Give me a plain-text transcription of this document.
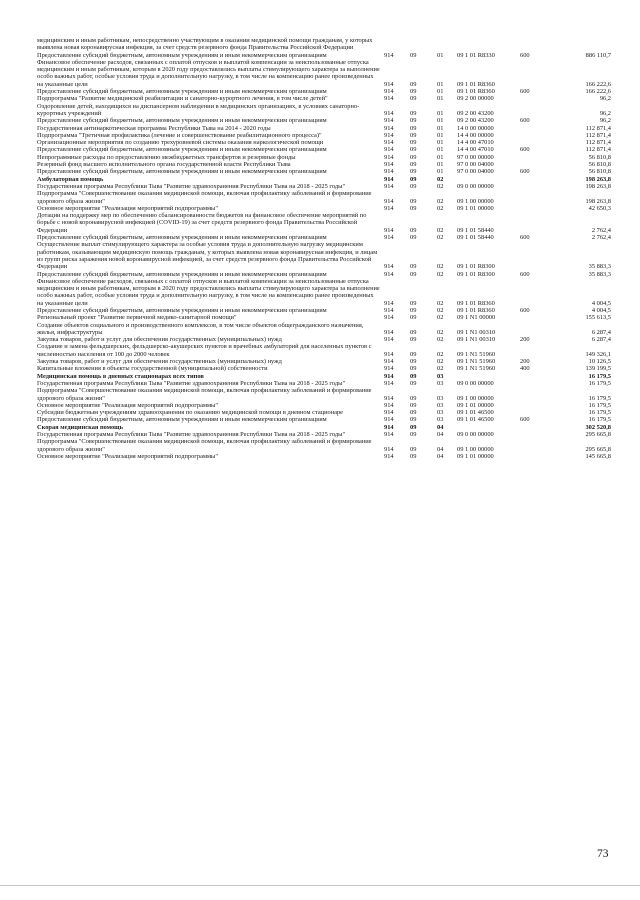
медицинским и иным работникам, непосредственно участвующим в оказании медицинской помощи гражданам, у которых выявлена новая коронавирусная инфекция, за счет средств резервного фонда Правительства Российской Федерации						
Предоставление субсидий бюджетным, автономным учреждениям и иным некоммерческим организациям	914	09	01	09 1 01 R8330	600	886 110,7
Финансовое обеспечение расходов, связанных с оплатой отпусков и выплатой компенсации за неиспользованные отпуска медицинским и иным работникам, которым в 2020 году предоставлялись выплаты стимулирующего характера за выполнение особо важных работ, особые условия труда и дополнительную нагрузку, в том числе на компенсацию ранее произведенных на указанные цели	914	09	01	09 1 01 R8360		166 222,6
Предоставление субсидий бюджетным, автономным учреждениям и иным некоммерческим организациям	914	09	01	09 1 01 R8360	600	166 222,6
Подпрограмма "Развитие медицинской реабилитации и санаторно-курортного лечения, в том числе детей"	914	09	01	09 2 00 00000		96,2
Оздоровление детей, находящихся на диспансерном наблюдении в медицинских организациях, в условиях санаторно-курортных учреждений	914	09	01	09 2 00 43200		96,2
Предоставление субсидий бюджетным, автономным учреждениям и иным некоммерческим организациям	914	09	01	09 2 00 43200	600	96,2
Государственная антинаркотическая программа Республики Тыва на 2014 - 2020 годы	914	09	01	14 0 00 00000		112 871,4
Подпрограмма "Третичная профилактика (лечение и совершенствование реабилитационного процесса)"	914	09	01	14 4 00 00000		112 871,4
Организационные мероприятия по созданию трехуровневой системы оказания наркологической помощи	914	09	01	14 4 00 47010		112 871,4
Предоставление субсидий бюджетным, автономным учреждениям и иным некоммерческим организациям	914	09	01	14 4 00 47010	600	112 871,4
Непрограммные расходы по предоставлению межбюджетных трансфертов и резервные фонды	914	09	01	97 0 00 00000		56 810,8
Резервный фонд высшего исполнительного органа государственной власти Республики Тыва	914	09	01	97 0 00 04000		56 810,8
Предоставление субсидий бюджетным, автономным учреждениям и иным некоммерческим организациям	914	09	01	97 0 00 04000	600	56 810,8
Амбулаторная помощь	914	09	02			198 263,8
Государственная программа Республики Тыва "Развитие здравоохранения Республики Тыва на 2018 - 2025 годы"	914	09	02	09 0 00 00000		198 263,8
Подпрограмма "Совершенствование оказания медицинской помощи, включая профилактику заболеваний и формирование здорового образа жизни"	914	09	02	09 1 00 00000		198 263,8
Основное мероприятие "Реализация мероприятий подпрограммы"	914	09	02	09 1 01 00000		42 650,3
Дотации на поддержку мер по обеспечению сбалансированности бюджетов на финансовое обеспечение мероприятий по борьбе с новой коронавирусной инфекцией (COVID-19) за счет средств резервного фонда Правительства Российской Федерации	914	09	02	09 1 01 58440		2 762,4
Предоставление субсидий бюджетным, автономным учреждениям и иным некоммерческим организациям	914	09	02	09 1 01 58440	600	2 762,4
Осуществление выплат стимулирующего характера за особые условия труда и дополнительную нагрузку медицинским работникам, оказывающим медицинскую помощь гражданам, у которых выявлена новая коронавирусная инфекция, и лицам из групп риска заражения новой коронавирусной инфекцией, за счет средств резервного фонда Правительства Российской Федерации	914	09	02	09 1 01 R8300		35 883,3
Предоставление субсидий бюджетным, автономным учреждениям и иным некоммерческим организациям	914	09	02	09 1 01 R8300	600	35 883,3
Финансовое обеспечение расходов, связанных с оплатой отпусков и выплатой компенсации за неиспользованные отпуска медицинским и иным работникам, которым в 2020 году предоставлялись выплаты стимулирующего характера за выполнение особо важных работ, особые условия труда и дополнительную нагрузку, в том числе на компенсацию ранее произведенных на указанные цели	914	09	02	09 1 01 R8360		4 004,5
Предоставление субсидий бюджетным, автономным учреждениям и иным некоммерческим организациям	914	09	02	09 1 01 R8360	600	4 004,5
Региональный проект "Развитие первичной медико-санитарной помощи"	914	09	02	09 1 N1 00000		155 613,5
Создание объектов социального и производственного комплексов, в том числе объектов общегражданского назначения, жилья, инфраструктуры	914	09	02	09 1 N1 00310		6 287,4
Закупка товаров, работ и услуг для обеспечения государственных (муниципальных) нужд	914	09	02	09 1 N1 00310	200	6 287,4
Создание и замена фельдшерских, фельдшерско-акушерских пунктов и врачебных амбулаторий для населенных пунктов с численностью населения от 100 до 2000 человек	914	09	02	09 1 N1 51960		149 326,1
Закупка товаров, работ и услуг для обеспечения государственных (муниципальных) нужд	914	09	02	09 1 N1 51960	200	10 126,5
Капитальные вложения в объекты государственной (муниципальной) собственности	914	09	02	09 1 N1 51960	400	139 199,5
Медицинская помощь в дневных стационарах всех типов	914	09	03			16 179,5
Государственная программа Республики Тыва "Развитие здравоохранения Республики Тыва на 2018 - 2025 годы"	914	09	03	09 0 00 00000		16 179,5
Подпрограмма "Совершенствование оказания медицинской помощи, включая профилактику заболеваний и формирование здорового образа жизни"	914	09	03	09 1 00 00000		16 179,5
Основное мероприятие "Реализация мероприятий подпрограммы"	914	09	03	09 1 01 00000		16 179,5
Субсидии бюджетным учреждениям здравоохранения по оказанию медицинской помощи в дневном стационаре	914	09	03	09 1 01 46500		16 179,5
Предоставление субсидий бюджетным, автономным учреждениям и иным некоммерческим организациям	914	09	03	09 1 01 46500	600	16 179,5
Скорая медицинская помощь	914	09	04			302 520,8
Государственная программа Республики Тыва "Развитие здравоохранения Республики Тыва на 2018 - 2025 годы"	914	09	04	09 0 00 00000		295 665,8
Подпрограмма "Совершенствование оказания медицинской помощи, включая профилактику заболеваний и формирование здорового образа жизни"	914	09	04	09 1 00 00000		295 665,8
Основное мероприятие "Реализация мероприятий подпрограммы"	914	09	04	09 1 01 00000		145 665,8
73
